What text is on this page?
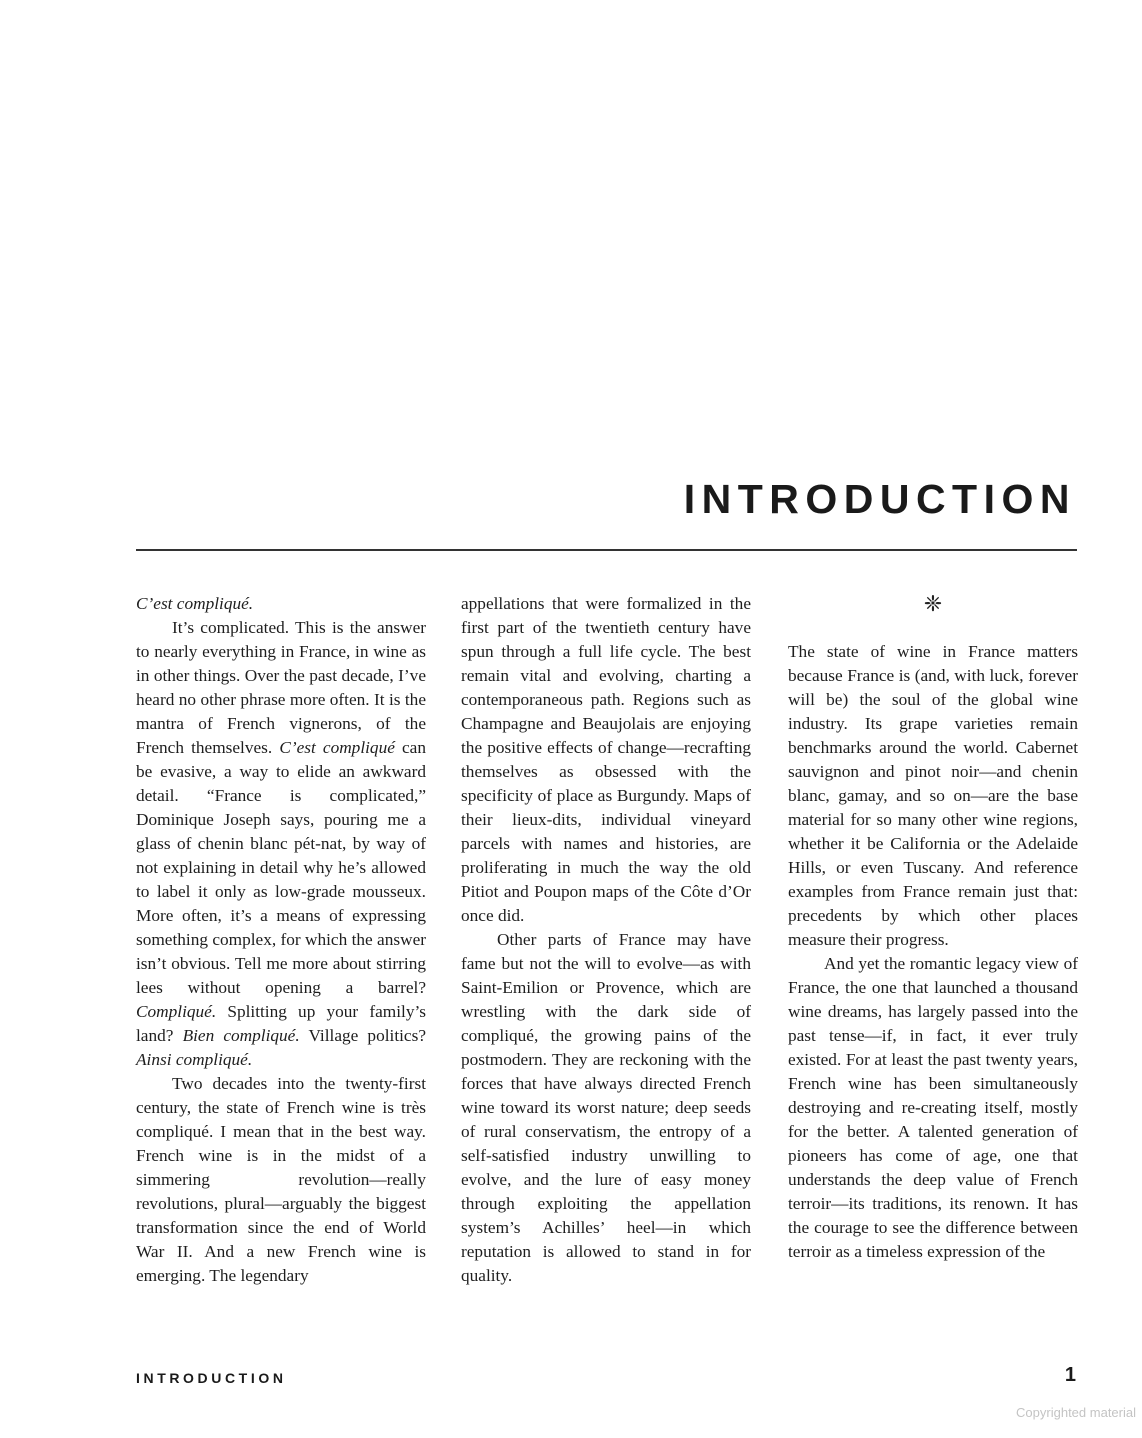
INTRODUCTION

C’est compliqué.

It’s complicated. This is the answer to nearly everything in France, in wine as in other things. Over the past decade, I’ve heard no other phrase more often. It is the mantra of French vignerons, of the French themselves. C’est compliqué can be evasive, a way to elide an awkward detail. “France is complicated,” Dominique Joseph says, pouring me a glass of chenin blanc pét-nat, by way of not explaining in detail why he’s allowed to label it only as low-grade mousseux. More often, it’s a means of expressing something complex, for which the answer isn’t obvious. Tell me more about stirring lees without opening a barrel? Compliqué. Splitting up your family’s land? Bien compliqué. Village politics? Ainsi compliqué.

Two decades into the twenty-first century, the state of French wine is très compliqué. I mean that in the best way. French wine is in the midst of a simmering revolution—really revolutions, plural—arguably the biggest transformation since the end of World War II. And a new French wine is emerging. The legendary

appellations that were formalized in the first part of the twentieth century have spun through a full life cycle. The best remain vital and evolving, charting a contemporaneous path. Regions such as Champagne and Beaujolais are enjoying the positive effects of change—recrafting themselves as obsessed with the specificity of place as Burgundy. Maps of their lieux-dits, individual vineyard parcels with names and histories, are proliferating in much the way the old Pitiot and Poupon maps of the Côte d’Or once did.

Other parts of France may have fame but not the will to evolve—as with Saint-Emilion or Provence, which are wrestling with the dark side of compliqué, the growing pains of the postmodern. They are reckoning with the forces that have always directed French wine toward its worst nature; deep seeds of rural conservatism, the entropy of a self-satisfied industry unwilling to evolve, and the lure of easy money through exploiting the appellation system’s Achilles’ heel—in which reputation is allowed to stand in for quality.

❈

The state of wine in France matters because France is (and, with luck, forever will be) the soul of the global wine industry. Its grape varieties remain benchmarks around the world. Cabernet sauvignon and pinot noir—and chenin blanc, gamay, and so on—are the base material for so many other wine regions, whether it be California or the Adelaide Hills, or even Tuscany. And reference examples from France remain just that: precedents by which other places measure their progress.

And yet the romantic legacy view of France, the one that launched a thousand wine dreams, has largely passed into the past tense—if, in fact, it ever truly existed. For at least the past twenty years, French wine has been simultaneously destroying and re-creating itself, mostly for the better. A talented generation of pioneers has come of age, one that understands the deep value of French terroir—its traditions, its renown. It has the courage to see the difference between terroir as a timeless expression of the

INTRODUCTION	1
Copyrighted material
